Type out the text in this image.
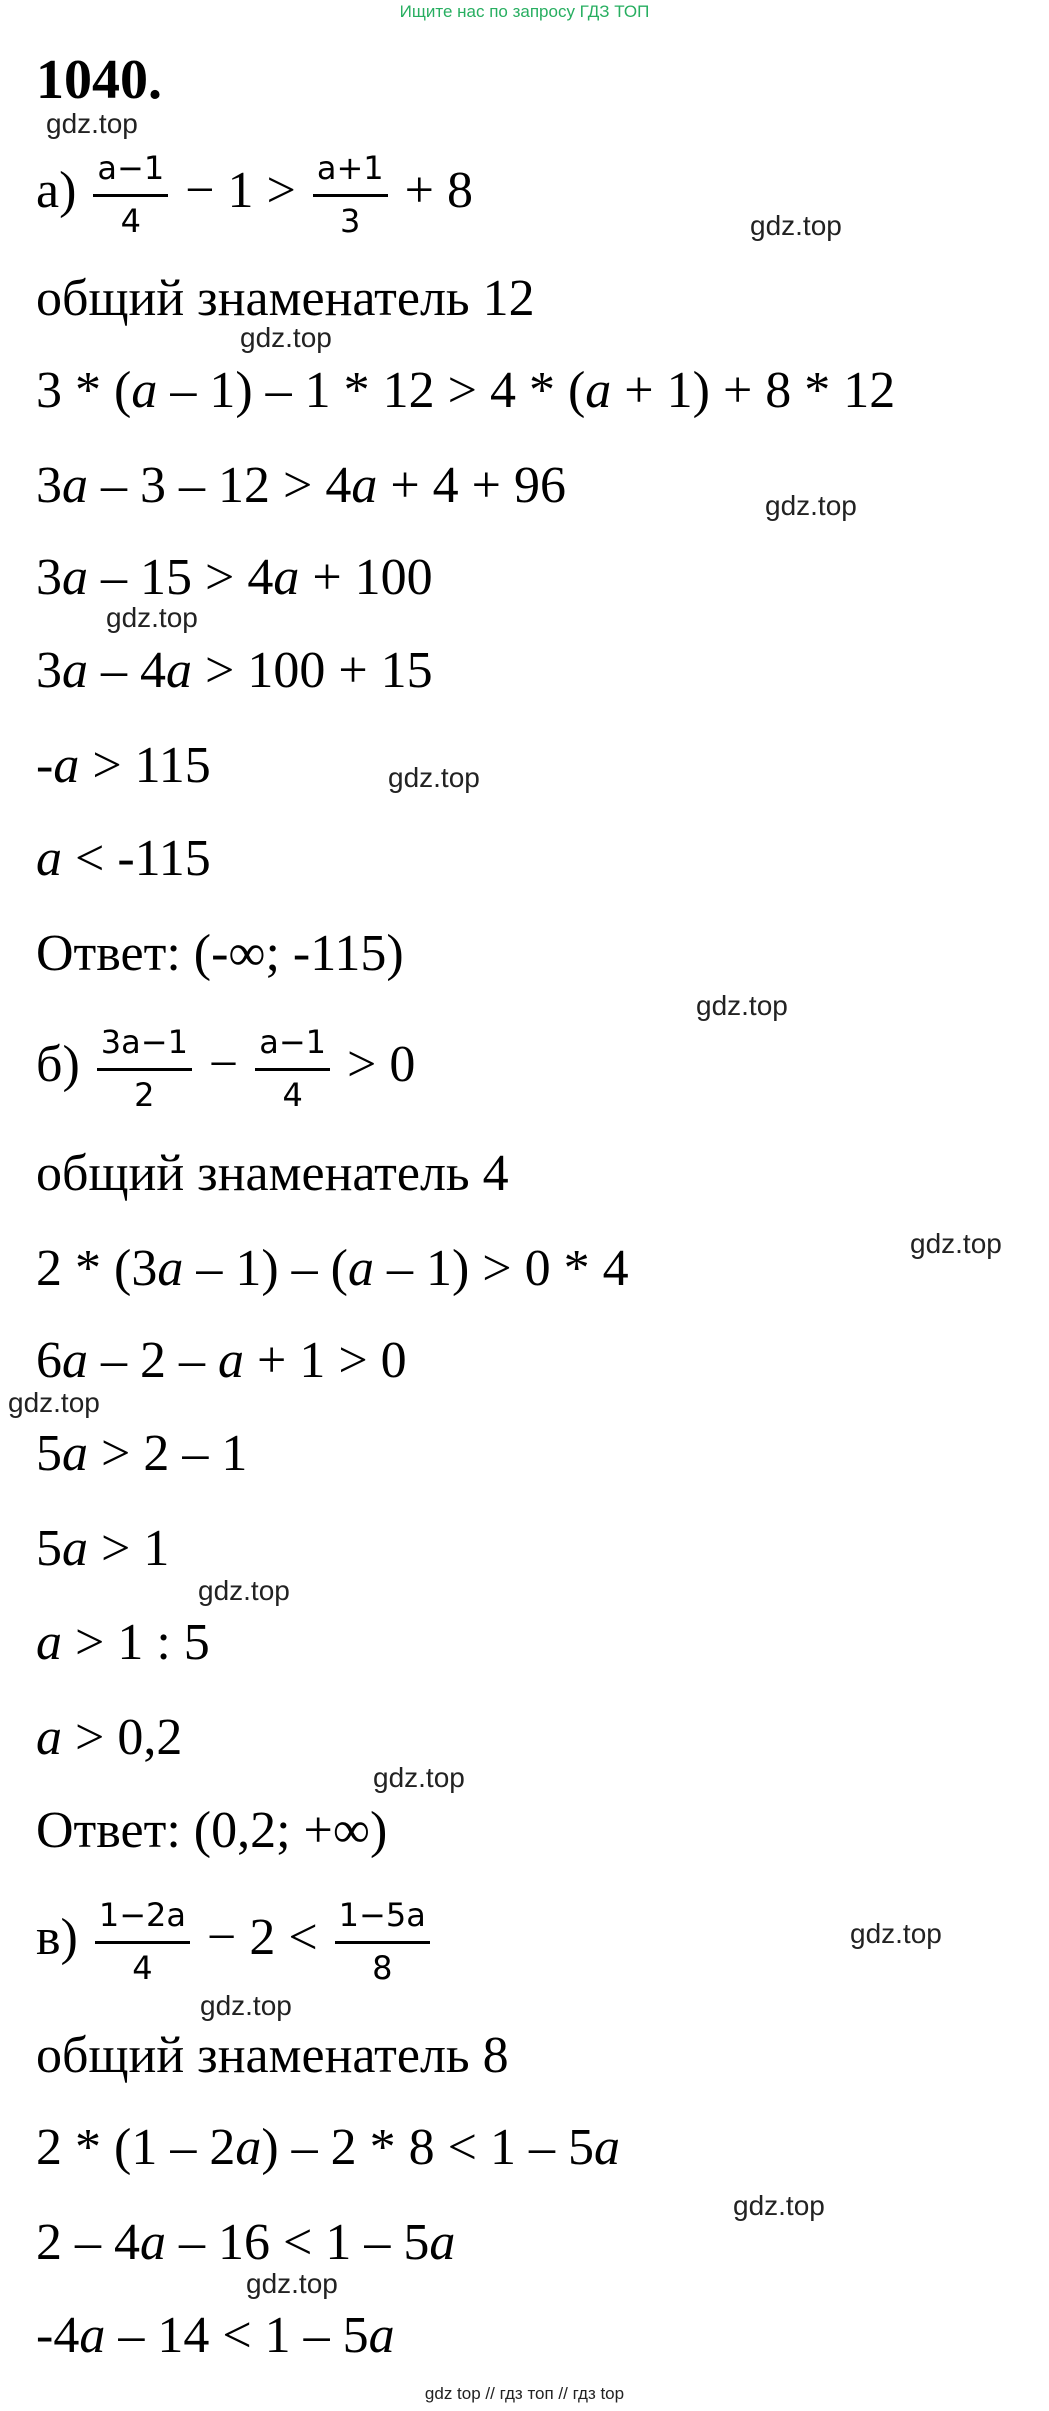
Ищите нас по запросу ГДЗ ТОП
1040.
$а) \frac{a-1}{4} - 1 > \frac{a+1}{3} + 8$
общий знаменатель 12
3 * (a – 1) – 1 * 12 > 4 * (a + 1) + 8 * 12
3a – 3 – 12 > 4a + 4 + 96
3a – 15 > 4a + 100
3a – 4a > 100 + 15
-a > 115
a < -115
Ответ: (-∞; -115)
$б) \frac{3a-1}{2} - \frac{a-1}{4} > 0$
общий знаменатель 4
2 * (3a – 1) – (a – 1) > 0 * 4
6a – 2 – a + 1 > 0
5a > 2 – 1
5a > 1
a > 1 : 5
a > 0,2
Ответ: (0,2; +∞)
$в) \frac{1-2a}{4} - 2 < \frac{1-5a}{8}$
общий знаменатель 8
2 * (1 – 2a) – 2 * 8 < 1 – 5a
2 – 4a – 16 < 1 – 5a
-4a – 14 < 1 – 5a
gdz.top
gdz.top
gdz.top
gdz.top
gdz.top
gdz.top
gdz.top
gdz.top
gdz.top
gdz.top
gdz.top
gdz.top
gdz.top
gdz.top
gdz.top
gdz top // гдз топ // гдз top
